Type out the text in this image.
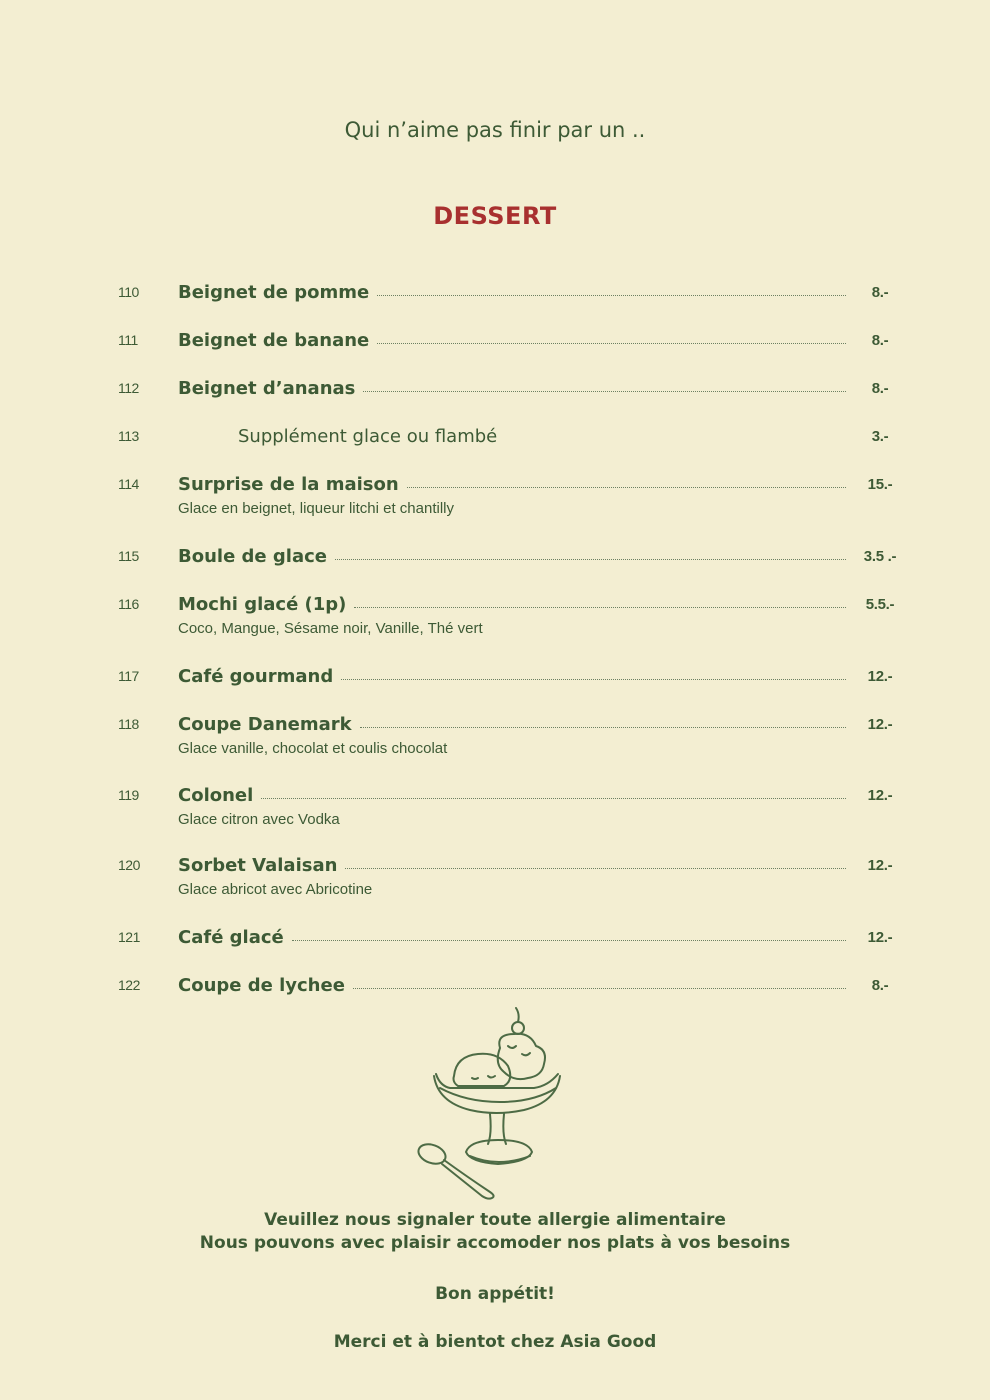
Qui n’aime pas finir par un ..
DESSERT
110 Beignet de pomme	8.-
111 Beignet de banane	8.-
112 Beignet d’ananas	8.-
113	Supplément glace ou flambé	3.-
114 Surprise de la maison	15.-
Glace en beignet, liqueur litchi et chantilly
115 Boule de glace	3.5 .-
116 Mochi glacé (1p)	5.5.-
Coco, Mangue, Sésame noir, Vanille, Thé vert
117 Café gourmand	12.-
118 Coupe Danemark	12.-
Glace vanille, chocolat et coulis chocolat
119 Colonel	12.-
Glace citron avec Vodka
120 Sorbet Valaisan	12.-
Glace abricot avec Abricotine
121 Café glacé	12.-
122 Coupe de lychee	8.-
Veuillez nous signaler toute allergie alimentaire
Nous pouvons avec plaisir accomoder nos plats à vos besoins
Bon appétit!
Merci et à bientot chez Asia Good
